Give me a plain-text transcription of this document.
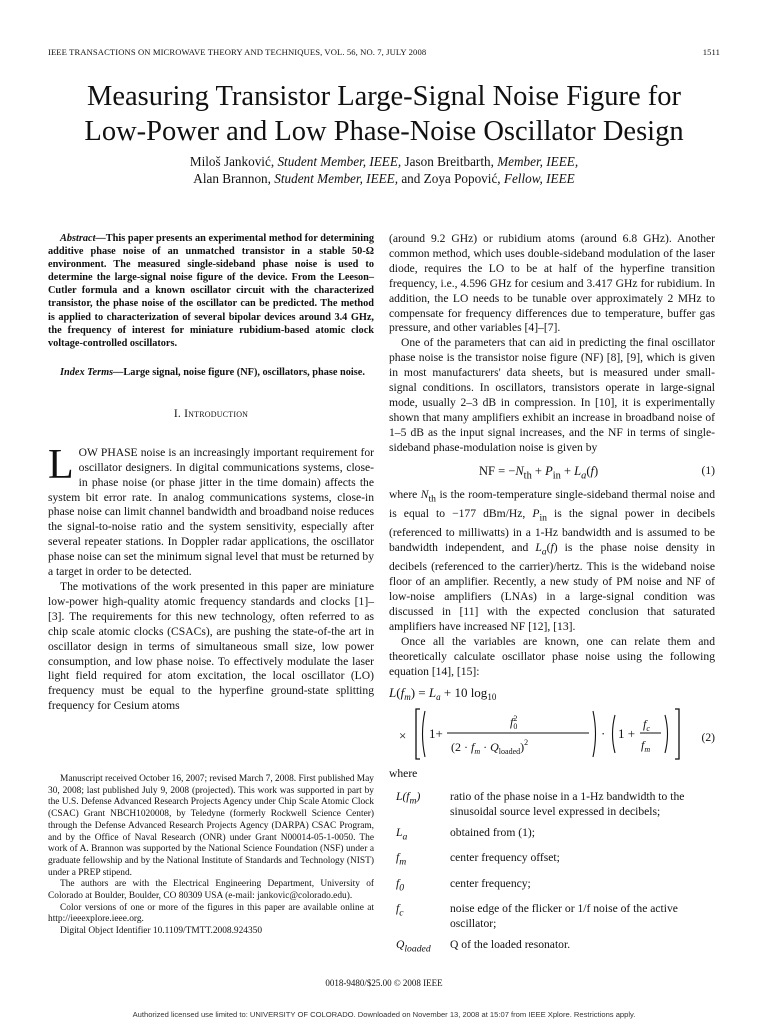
IEEE TRANSACTIONS ON MICROWAVE THEORY AND TECHNIQUES, VOL. 56, NO. 7, JULY 2008	1511
Measuring Transistor Large-Signal Noise Figure for
Low-Power and Low Phase-Noise Oscillator Design
Miloš Janković, Student Member, IEEE, Jason Breitbarth, Member, IEEE,
Alan Brannon, Student Member, IEEE, and Zoya Popović, Fellow, IEEE

Abstract—This paper presents an experimental method for determining additive phase noise of an unmatched transistor in a stable 50-Ω environment. The measured single-sideband phase noise is used to determine the large-signal noise figure of the device. From the Leeson–Cutler formula and a known oscillator circuit with the characterized transistor, the phase noise of the oscillator can be predicted. The method is applied to characterization of several bipolar devices around 3.4 GHz, the frequency of interest for miniature rubidium-based atomic clock voltage-controlled oscillators.

Index Terms—Large signal, noise figure (NF), oscillators, phase noise.

I. Introduction

LOW PHASE noise is an increasingly important requirement for oscillator designers. In digital communications systems, close-in phase noise (or phase jitter in the time domain) affects the system bit error rate. In analog communications systems, close-in phase noise can limit channel bandwidth and broadband noise reduces the signal-to-noise ratio and the system sensitivity, especially after several repeater stations. In Doppler radar applications, the oscillator phase noise can set the minimum signal level that must be returned by a target in order to be detected.

The motivations of the work presented in this paper are miniature low-power high-quality atomic frequency standards and clocks [1]–[3]. The requirements for this new technology, often referred to as chip scale atomic clocks (CSACs), are pushing the state-of-the art in oscillator design in terms of simultaneous small size, low power consumption, and low phase noise. To effectively modulate the laser light field required for atom excitation, the local oscillator (LO) frequency must be equal to the hyperfine ground-state splitting frequency for Cesium atoms

Manuscript received October 16, 2007; revised March 7, 2008. First published May 30, 2008; last published July 9, 2008 (projected). This work was supported in part by the U.S. Defense Advanced Research Projects Agency under Chip Scale Atomic Clock (CSAC) Grant NBCH1020008, by Teledyne (formerly Rockwell Science Center) through the Defense Advanced Research Projects Agency (DARPA) CSAC Program, and by the Office of Naval Research (ONR) under Grant N00014-05-1-0050. The work of A. Brannon was supported by the National Science Foundation (NSF) under a graduate fellowship and by the National Institute of Standards and Technology (NIST) under a PREP stipend.

The authors are with the Electrical Engineering Department, University of Colorado at Boulder, Boulder, CO 80309 USA (e-mail: jankovic@colorado.edu).

Color versions of one or more of the figures in this paper are available online at http://ieeexplore.ieee.org.

Digital Object Identifier 10.1109/TMTT.2008.924350

(around 9.2 GHz) or rubidium atoms (around 6.8 GHz). Another common method, which uses double-sideband modulation of the laser diode, requires the LO to be at half of the hyperfine transition frequency, i.e., 4.596 GHz for cesium and 3.417 GHz for rubidium. In addition, the LO needs to be tunable over approximately 2 MHz to compensate for frequency differences due to temperature, buffer gas pressure, and other variables [4]–[7].

One of the parameters that can aid in predicting the final oscillator phase noise is the transistor noise figure (NF) [8], [9], which is given in most manufacturers' data sheets, but is measured under small-signal conditions. In oscillators, transistors operate in large-signal mode, usually 2–3 dB in compression. In [10], it is experimentally shown that many amplifiers exhibit an increase in broadband noise of 1–5 dB as the input signal increases, and the NF in terms of single-sideband phase-modulation noise is given by

NF = $-N_{th} + P_{in} + L_a(f)$	(1)

where $N_{th}$ is the room-temperature single-sideband thermal noise and is equal to −177 dBm/Hz, $P_{in}$ is the signal power in decibels (referenced to milliwatts) in a 1-Hz bandwidth and is assumed to be bandwidth independent, and $L_a(f)$ is the phase noise density in decibels (referenced to the carrier)/hertz. This is the wideband noise floor of an amplifier. Recently, a new study of PM noise and NF of low-noise amplifiers (LNAs) in a large-signal condition was discussed in [11] with the expected conclusion that saturated amplifiers have increased NF [12], [13].

Once all the variables are known, one can relate them and theoretically calculate oscillator phase noise using the following equation [14], [15]:

$L(f_m) = L_a + 10$ $\log_{10}$
× 1+
$f^2$ 0
$(2 \cdot f_m \cdot Q_{loaded})^2$
· 1 +
$f_c$
$f_m$
(2)

where

$L(f_m)$	ratio of the phase noise in a 1-Hz bandwidth to the sinusoidal source level expressed in decibels;
$L_a$	obtained from (1);
$f_m$	center frequency offset;
$f_0$	center frequency;
$f_c$	noise edge of the flicker or 1/f noise of the active oscillator;
$Q_{loaded}$	Q of the loaded resonator.
0018-9480/$25.00 © 2008 IEEE
Authorized licensed use limited to: UNIVERSITY OF COLORADO. Downloaded on November 13, 2008 at 15:07 from IEEE Xplore. Restrictions apply.
